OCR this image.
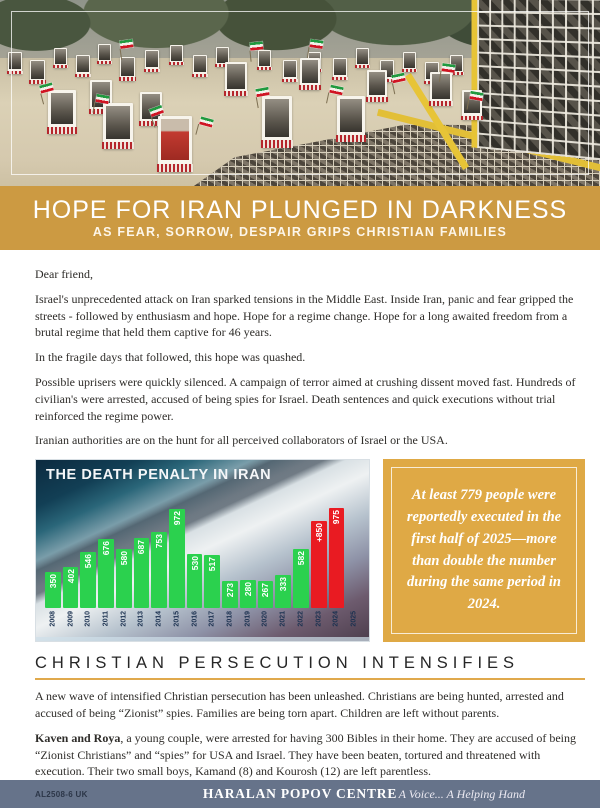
HOPE FOR IRAN PLUNGED IN DARKNESS
AS FEAR, SORROW, DESPAIR GRIPS CHRISTIAN FAMILIES

Dear friend,

Israel's unprecedented attack on Iran sparked tensions in the Middle East. Inside Iran, panic and fear gripped the streets - followed by enthusiasm and hope. Hope for a regime change. Hope for a long awaited freedom from a brutal regime that held them captive for 46 years.

In the fragile days that followed, this hope was quashed.

Possible uprisers were quickly silenced. A campaign of terror aimed at crushing dissent moved fast. Hundreds of civilian's were arrested, accused of being spies for Israel. Death sentences and quick executions without trial reinforced the regime power.

Iranian authorities are on the hunt for all perceived collaborators of Israel or the USA.

THE DEATH PENALTY IN IRAN
350
2008
402
2009
546
2010
676
2011
580
2012
687
2013
753
2014
972
2015
530
2016
517
2017
273
2018
280
2019
267
2020
333
2021
582
2022
+850
2023
975
2024 2025

At least 779 people were reportedly executed in the first half of 2025—more than double the number during the same period in 2024.

CHRISTIAN PERSECUTION INTENSIFIES

A new wave of intensified Christian persecution has been unleashed. Christians are being hunted, arrested and accused of being “Zionist” spies. Families are being torn apart. Children are left without parents.

Kaven and Roya, a young couple, were arrested for having 300 Bibles in their home. They are accused of being “Zionist Christians” and “spies” for USA and Israel. They have been beaten, tortured and threatened with execution. Their two small boys, Kamand (8) and Kourosh (12) are left parentless.

AL2508-6 UK	HARALAN POPOV CENTRE A Voice... A Helping Hand
